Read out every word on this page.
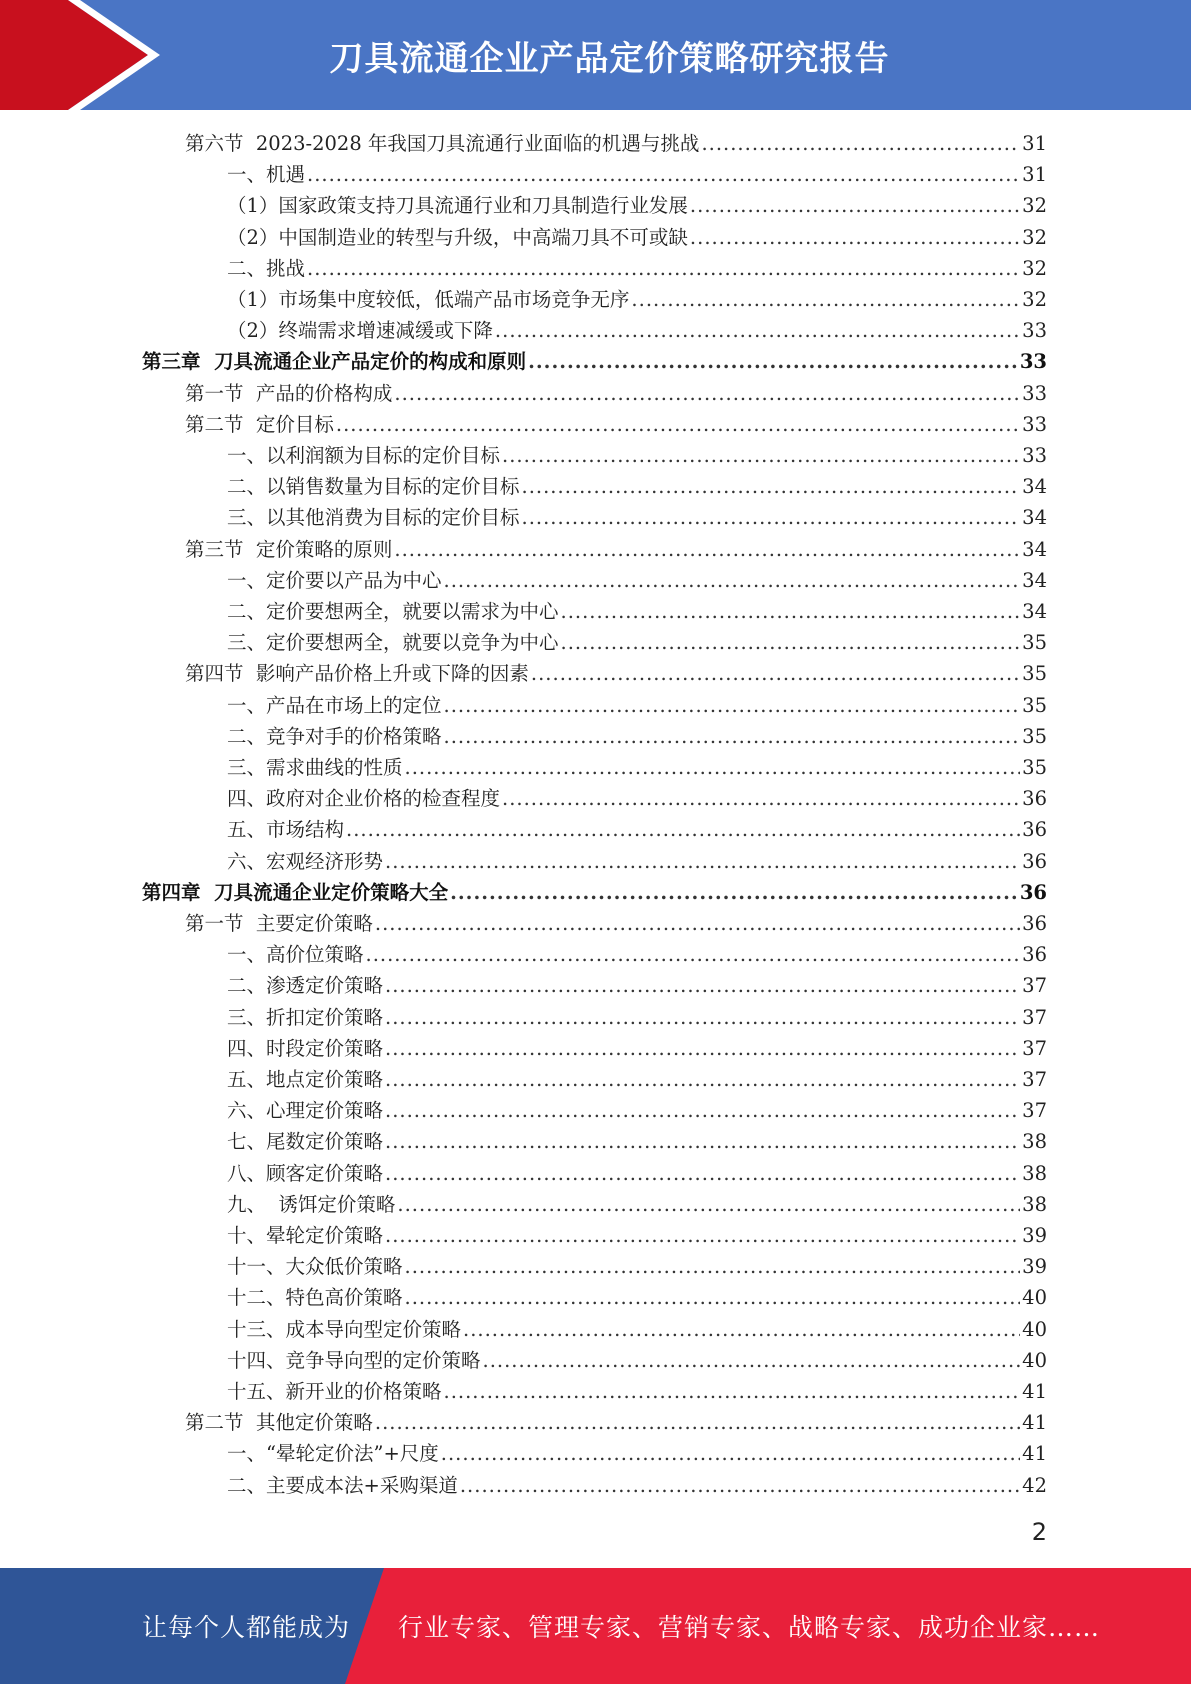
刀具流通企业产品定价策略研究报告
第六节  2023-2028 年我国刀具流通行业面临的机遇与挑战 .....	31
一、机遇 .....	31
（1）国家政策支持刀具流通行业和刀具制造行业发展 .....	32
（2）中国制造业的转型与升级，中高端刀具不可或缺 .....	32
二、挑战 .....	32
（1）市场集中度较低，低端产品市场竞争无序 .....	32
（2）终端需求增速减缓或下降 .....	33
第三章  刀具流通企业产品定价的构成和原则 .....	33
第一节  产品的价格构成 .....	33
第二节  定价目标 .....	33
一、以利润额为目标的定价目标 .....	33
二、以销售数量为目标的定价目标 .....	34
三、以其他消费为目标的定价目标 .....	34
第三节  定价策略的原则 .....	34
一、定价要以产品为中心 .....	34
二、定价要想两全，就要以需求为中心 .....	34
三、定价要想两全，就要以竞争为中心 .....	35
第四节  影响产品价格上升或下降的因素 .....	35
一、产品在市场上的定位 .....	35
二、竞争对手的价格策略 .....	35
三、需求曲线的性质 .....	35
四、政府对企业价格的检查程度 .....	36
五、市场结构 .....	36
六、宏观经济形势 .....	36
第四章  刀具流通企业定价策略大全 .....	36
第一节  主要定价策略 .....	36
一、高价位策略 .....	36
二、渗透定价策略 .....	37
三、折扣定价策略 .....	37
四、时段定价策略 .....	37
五、地点定价策略 .....	37
六、心理定价策略 .....	37
七、尾数定价策略 .....	38
八、顾客定价策略 .....	38
九、  诱饵定价策略 .....	38
十、晕轮定价策略 .....	39
十一、大众低价策略 .....	39
十二、特色高价策略 .....	40
十三、成本导向型定价策略 .....	40
十四、竞争导向型的定价策略 .....	40
十五、新开业的价格策略 .....	41
第二节  其他定价策略 .....	41
一、“晕轮定价法”+尺度 .....	41
二、主要成本法+采购渠道 .....	42
2
让每个人都能成为 行业专家、管理专家、营销专家、战略专家、成功企业家……
